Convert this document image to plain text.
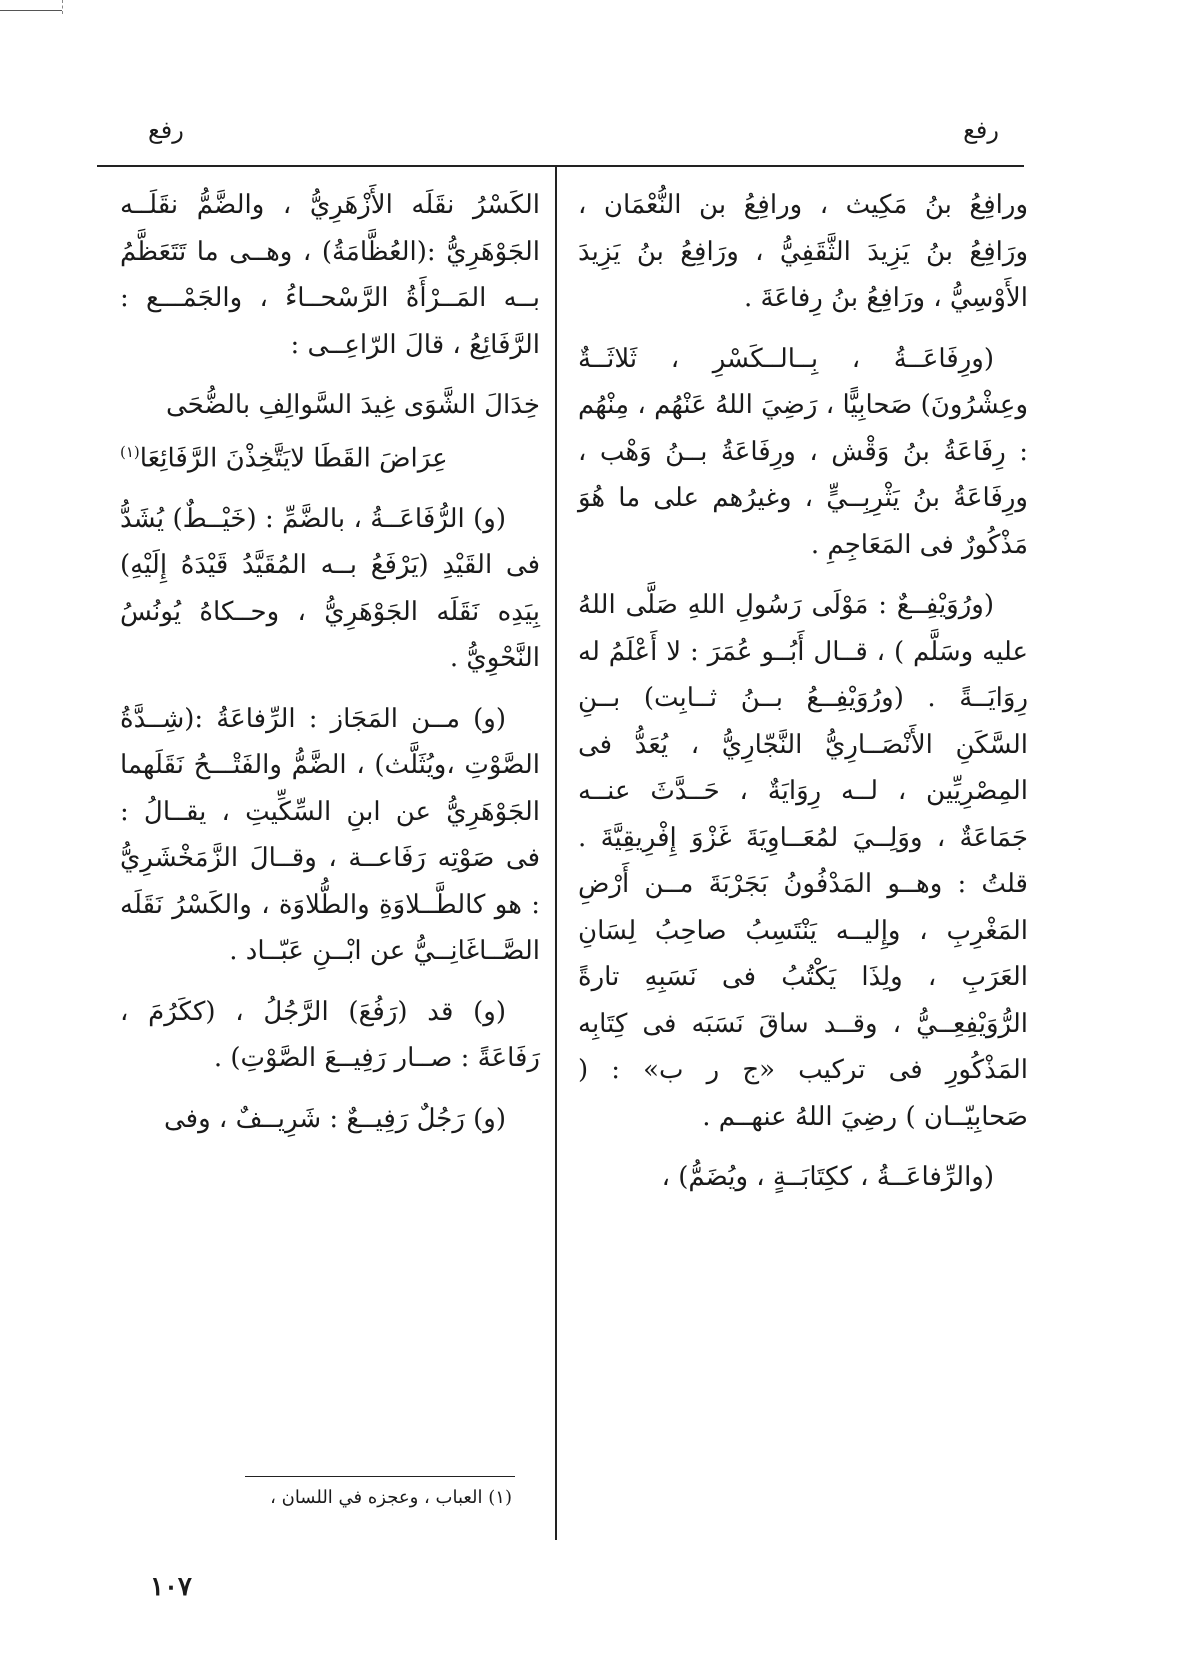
رفع
رفع

ورافِعُ بنُ مَكِيث ، ورافِعُ بن النُّعْمَان ، ورَافِعُ بنُ يَزِيدَ الثَّقَفِيُّ ، ورَافِعُ بنُ يَزِيدَ الأَوْسِيُّ ، ورَافِعُ بنُ رِفاعَةَ .

(ورِفَاعَــةُ ، بِــالــكَسْرِ ، ثَلاثَــةٌ وعِشْرُونَ) صَحابِيًّا ، رَضِيَ اللهُ عَنْهُم ، مِنْهُم : رِفَاعَةُ بنُ وَقْش ، ورِفَاعَةُ بــنُ وَهْب ، ورِفَاعَةُ بنُ يَثْرِبِــيٍّ ، وغيرُهم على ما هُوَ مَذْكُورٌ فى المَعَاجِمِ .

(ورُوَيْفِــعٌ : مَوْلَى رَسُولِ اللهِ صَلَّى اللهُ عليه وسَلَّم ) ، قــال أَبُــو عُمَرَ : لا أَعْلَمُ له رِوَايَــةً . (ورُوَيْفِــعُ بــنُ ثــابِت) بــنِ السَّكَنِ الأَنْصَــارِيُّ النَّجّارِيُّ ، يُعَدُّ فى المِصْرِيِّين ، لــه رِوَايَةٌ ، حَــدَّثَ عنــه جَمَاعَةٌ ، ووَلِــيَ لمُعَــاوِيَةَ غَزْوَ إِفْرِيقِيَّةَ . قلتُ : وهــو المَدْفُونُ بَجَرْبَةَ مــن أَرْضِ المَغْرِبِ ، وإِليــه يَنْتَسِبُ صاحِبُ لِسَانِ العَرَبِ ، ولِذَا يَكْتُبُ فى نَسَبِهِ تارةً الرُّوَيْفِعِــيُّ ، وقــد ساقَ نَسَبَه فى كِتَابِه المَذْكُورِ فى تركيب «ج ر ب» : ( صَحابِيّــان ) رضِيَ اللهُ عنهــم .

(والرِّفاعَــةُ ، ككِتَابَــةٍ ، ويُضَمُّ) ،

الكَسْرُ نقَلَه الأَزْهَرِيُّ ، والضَّمُّ نقَلَــه الجَوْهَرِيُّ :(العُظَّامَةُ) ، وهــى ما تَتَعَظَّمُ بــه المَــرْأَةُ الرَّسْحــاءُ ، والجَمْـــع : الرَّفَائِعُ ، قالَ الرّاعِــى :

خِدَالَ الشَّوَى غِيدَ السَّوالِفِ بالضُّحَى
عِرَاضَ القَطَا لايَتَّخِذْنَ الرَّفَائِعَا$^{(١)}$

(و) الرُّفَاعَــةُ ، بالضَّمِّ : (خَيْــطٌ) يُشَدُّ فى القَيْدِ (يَرْفَعُ بــه المُقَيَّدُ قَيْدَهُ إِلَيْهِ) بِيَدِه نَقَلَه الجَوْهَرِيُّ ، وحــكاهُ يُونُسُ النَّحْوِيُّ .

(و) مــن المَجَاز : الرِّفاعَةُ :(شِــدَّةُ الصَّوْتِ ،ويُثَلَّث) ، الضَّمُّ والفَتْـــحُ نَقَلَهما الجَوْهَرِيُّ عن ابنِ السِّكِّيتِ ، يقــالُ : فى صَوْتِه رَفَاعــة ، وقــالَ الزَّمَخْشَرِيُّ : هو كالطَّــلاوَةِ والطُّلاوَة ، والكَسْرُ نَقَلَه الصَّــاغَانِــيُّ عن ابْــنِ عَبّــاد .

(و) قد (رَفُعَ) الرَّجُلُ ، (ككَرُمَ ، رَفَاعَةً : صــار رَفِيــعَ الصَّوْتِ) .

(و) رَجُلٌ رَفِيــعٌ : شَرِيــفٌ ، وفى

(١) العباب ، وعجزه في اللسان ،
١٠٧
